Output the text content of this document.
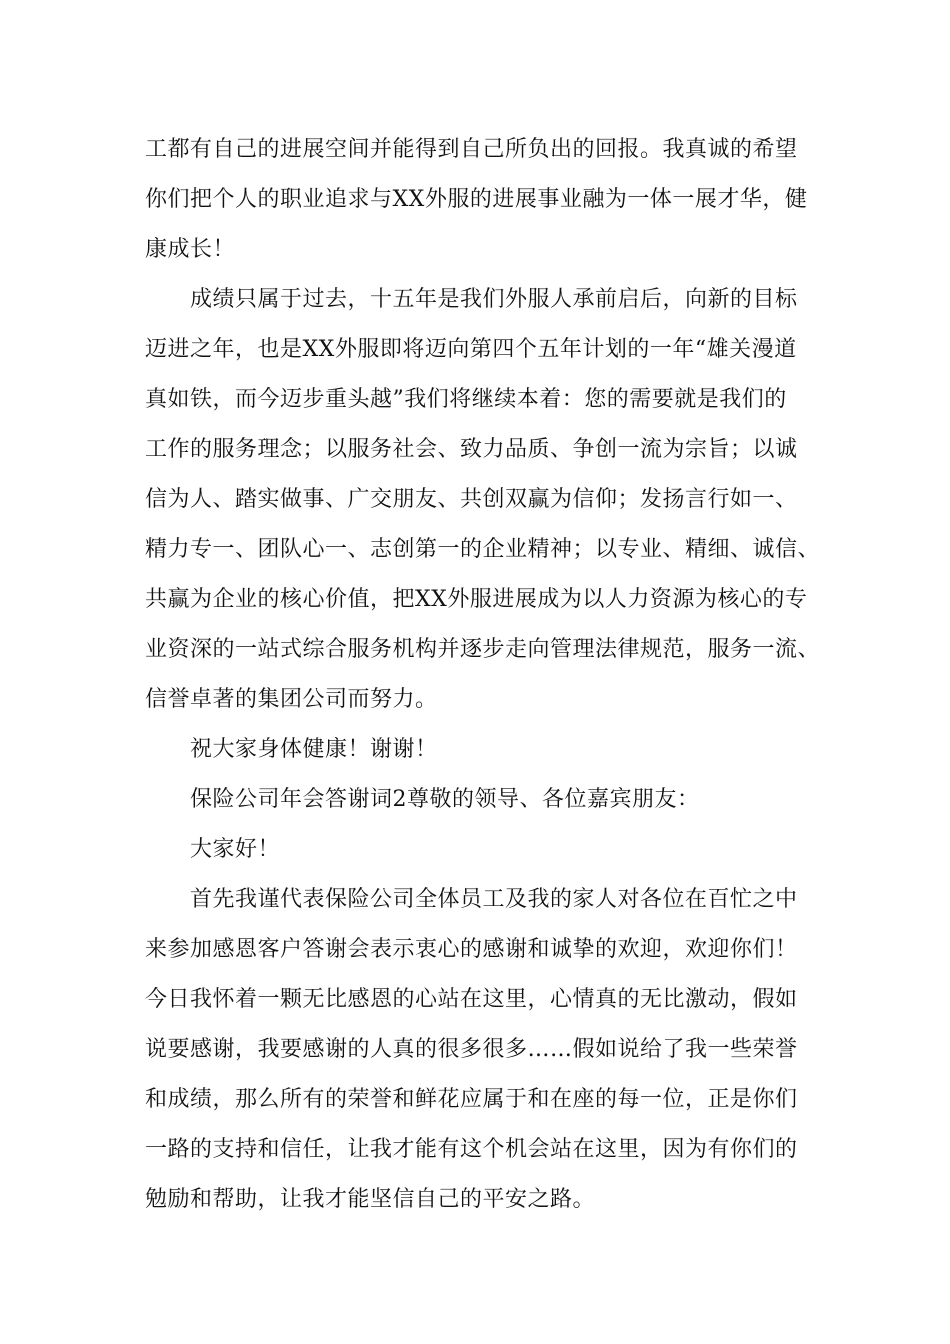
工都有自己的进展空间并能得到自己所负出的回报。我真诚的希望
你们把个人的职业追求与XX外服的进展事业融为一体一展才华，健
康成长！
成绩只属于过去，十五年是我们外服人承前启后，向新的目标
迈进之年，也是XX外服即将迈向第四个五年计划的一年“雄关漫道
真如铁，而今迈步重头越”我们将继续本着：您的需要就是我们的
工作的服务理念；以服务社会、致力品质、争创一流为宗旨；以诚
信为人、踏实做事、广交朋友、共创双赢为信仰；发扬言行如一、
精力专一、团队心一、志创第一的企业精神；以专业、精细、诚信、
共赢为企业的核心价值，把XX外服进展成为以人力资源为核心的专
业资深的一站式综合服务机构并逐步走向管理法律规范，服务一流、
信誉卓著的集团公司而努力。
祝大家身体健康！谢谢！
保险公司年会答谢词2尊敬的领导、各位嘉宾朋友：
大家好！
首先我谨代表保险公司全体员工及我的家人对各位在百忙之中
来参加感恩客户答谢会表示衷心的感谢和诚挚的欢迎，欢迎你们！
今日我怀着一颗无比感恩的心站在这里，心情真的无比激动，假如
说要感谢，我要感谢的人真的很多很多……假如说给了我一些荣誉
和成绩，那么所有的荣誉和鲜花应属于和在座的每一位，正是你们
一路的支持和信任，让我才能有这个机会站在这里，因为有你们的
勉励和帮助，让我才能坚信自己的平安之路。
